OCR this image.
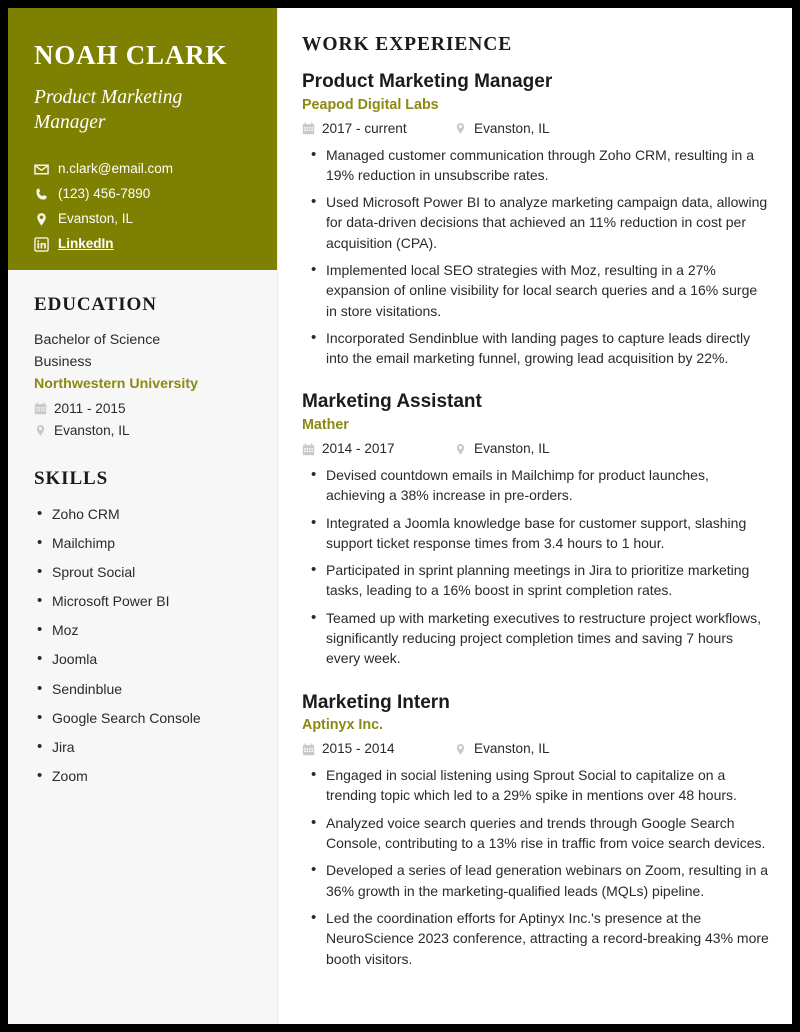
NOAH CLARK
Product Marketing Manager
n.clark@email.com
(123) 456-7890
Evanston, IL
LinkedIn
EDUCATION
Bachelor of Science
Business
Northwestern University
2011 - 2015
Evanston, IL
SKILLS
• Zoho CRM
• Mailchimp
• Sprout Social
• Microsoft Power BI
• Moz
• Joomla
• Sendinblue
• Google Search Console
• Jira
• Zoom
WORK EXPERIENCE
Product Marketing Manager
Peapod Digital Labs
2017 - current	Evanston, IL
• Managed customer communication through Zoho CRM, resulting in a 19% reduction in unsubscribe rates.
• Used Microsoft Power BI to analyze marketing campaign data, allowing for data-driven decisions that achieved an 11% reduction in cost per acquisition (CPA).
• Implemented local SEO strategies with Moz, resulting in a 27% expansion of online visibility for local search queries and a 16% surge in store visitations.
• Incorporated Sendinblue with landing pages to capture leads directly into the email marketing funnel, growing lead acquisition by 22%.
Marketing Assistant
Mather
2014 - 2017	Evanston, IL
• Devised countdown emails in Mailchimp for product launches, achieving a 38% increase in pre-orders.
• Integrated a Joomla knowledge base for customer support, slashing support ticket response times from 3.4 hours to 1 hour.
• Participated in sprint planning meetings in Jira to prioritize marketing tasks, leading to a 16% boost in sprint completion rates.
• Teamed up with marketing executives to restructure project workflows, significantly reducing project completion times and saving 7 hours every week.
Marketing Intern
Aptinyx Inc.
2015 - 2014	Evanston, IL
• Engaged in social listening using Sprout Social to capitalize on a trending topic which led to a 29% spike in mentions over 48 hours.
• Analyzed voice search queries and trends through Google Search Console, contributing to a 13% rise in traffic from voice search devices.
• Developed a series of lead generation webinars on Zoom, resulting in a 36% growth in the marketing-qualified leads (MQLs) pipeline.
• Led the coordination efforts for Aptinyx Inc.'s presence at the NeuroScience 2023 conference, attracting a record-breaking 43% more booth visitors.
